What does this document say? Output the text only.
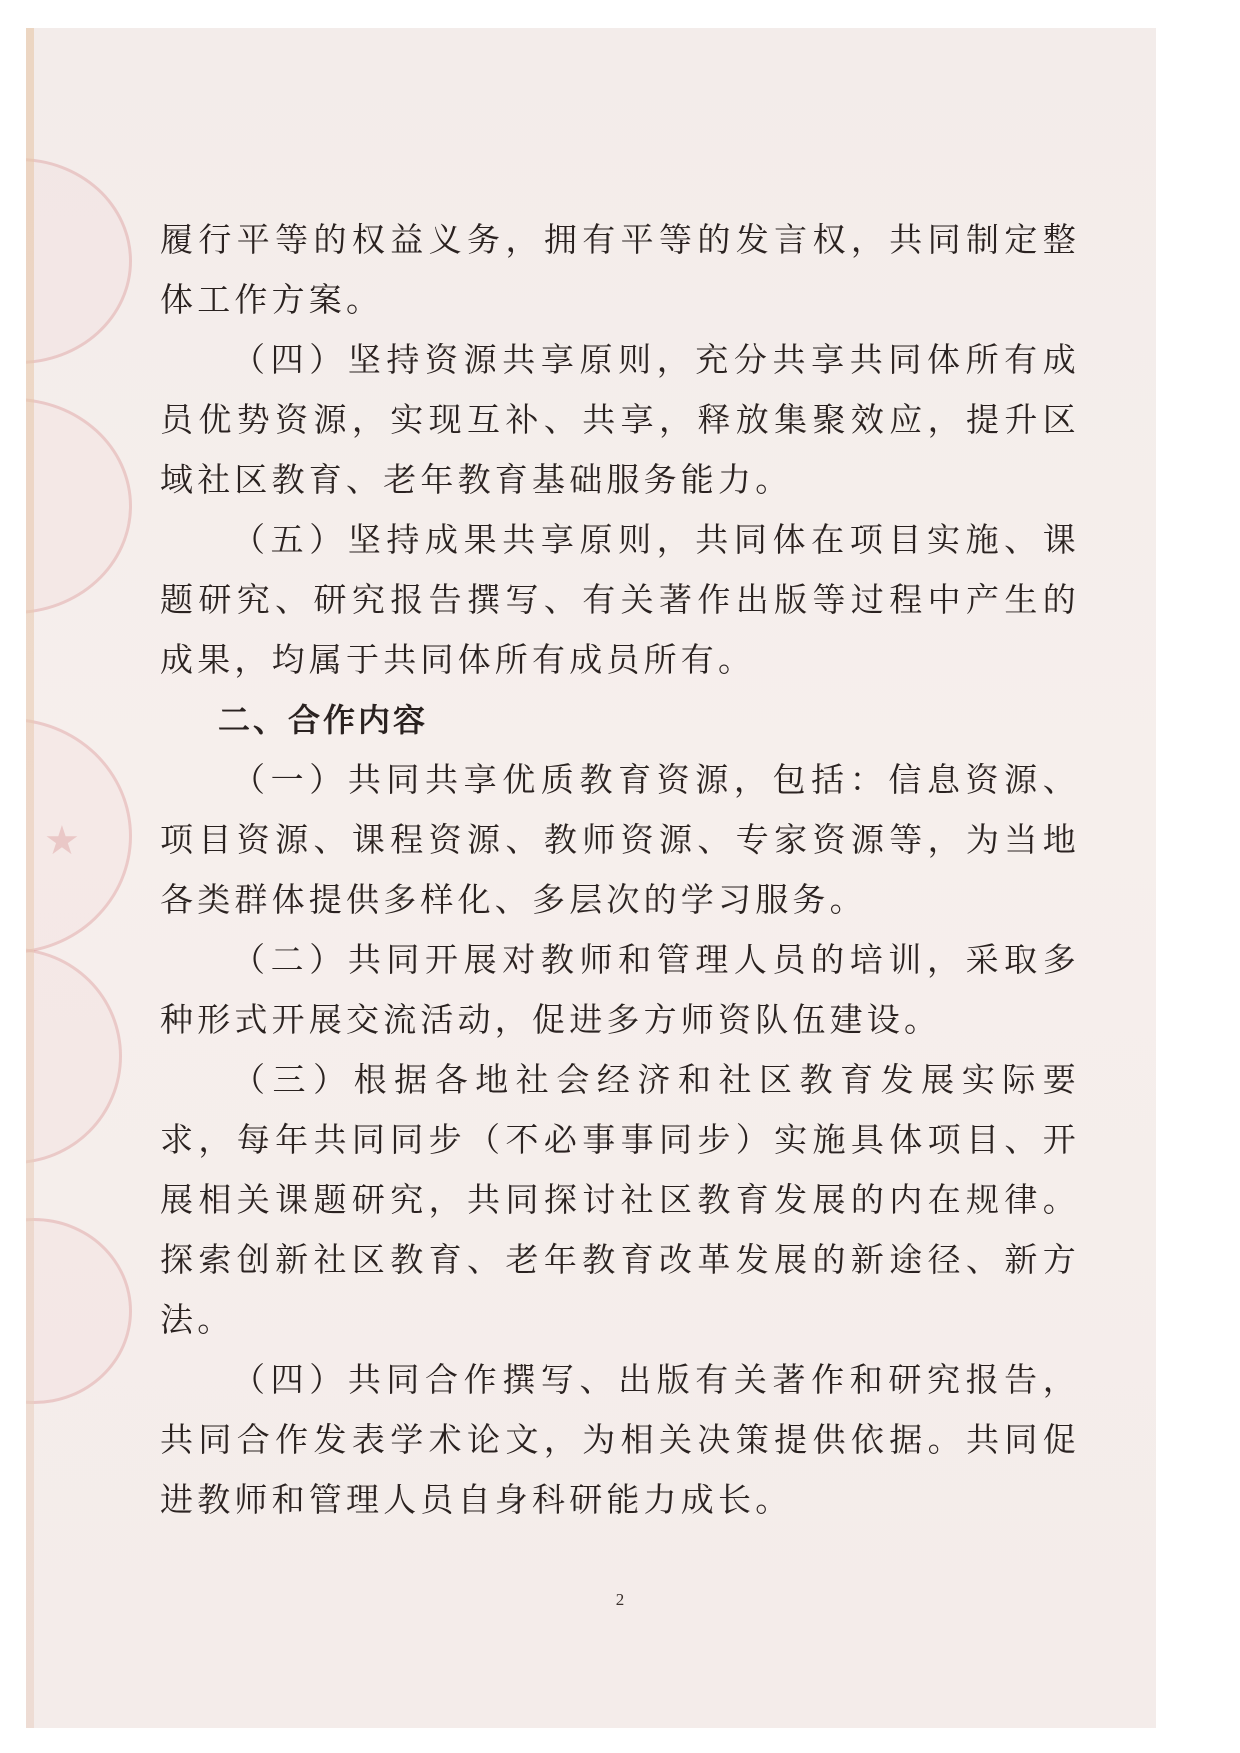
★

履行平等的权益义务，拥有平等的发言权，共同制定整体工作方案。

（四）坚持资源共享原则，充分共享共同体所有成员优势资源，实现互补、共享，释放集聚效应，提升区域社区教育、老年教育基础服务能力。

（五）坚持成果共享原则，共同体在项目实施、课题研究、研究报告撰写、有关著作出版等过程中产生的成果，均属于共同体所有成员所有。

二、合作内容

（一）共同共享优质教育资源，包括：信息资源、项目资源、课程资源、教师资源、专家资源等，为当地各类群体提供多样化、多层次的学习服务。

（二）共同开展对教师和管理人员的培训，采取多种形式开展交流活动，促进多方师资队伍建设。

（三）根据各地社会经济和社区教育发展实际要求，每年共同同步（不必事事同步）实施具体项目、开展相关课题研究，共同探讨社区教育发展的内在规律。探索创新社区教育、老年教育改革发展的新途径、新方法。

（四）共同合作撰写、出版有关著作和研究报告，共同合作发表学术论文，为相关决策提供依据。共同促进教师和管理人员自身科研能力成长。

2
